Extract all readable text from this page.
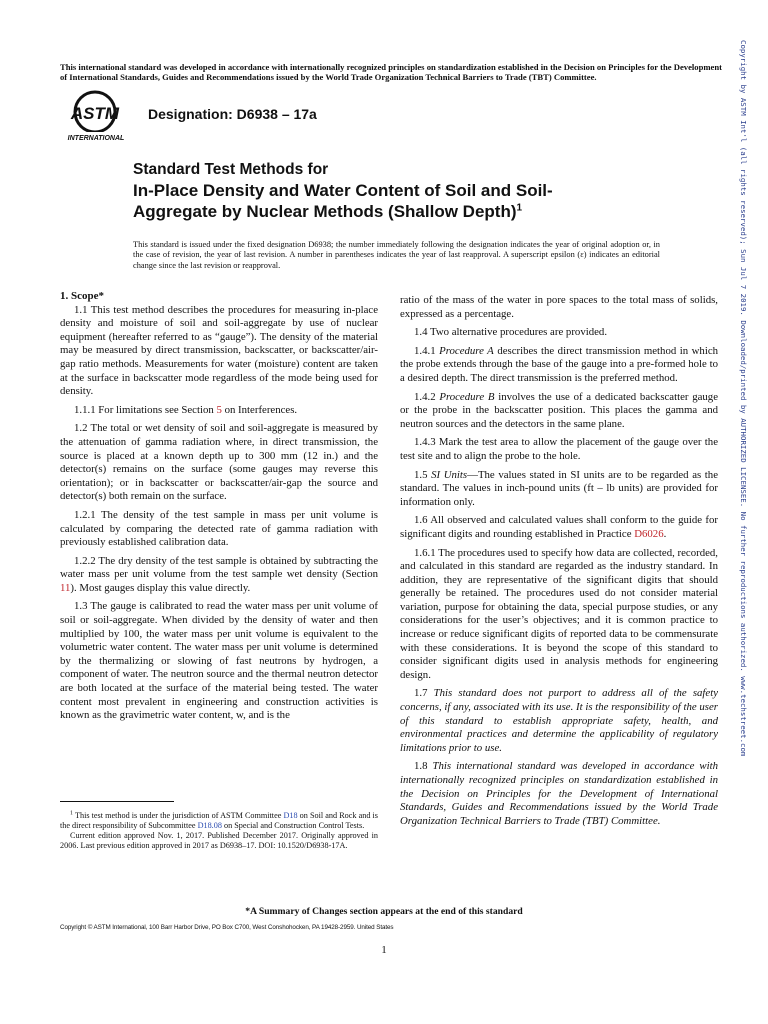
This international standard was developed in accordance with internationally recognized principles on standardization established in the Decision on Principles for the Development of International Standards, Guides and Recommendations issued by the World Trade Organization Technical Barriers to Trade (TBT) Committee.	Copyright by ASTM Int'l (all rights reserved); Sun Jul 7 2019. Downloaded/printed by AUTHORIZED LICENSEE. No further reproductions authorized. www.techstreet.com
ASTM
INTERNATIONAL
Designation: D6938 – 17a
Standard Test Methods for
In-Place Density and Water Content of Soil and Soil-
Aggregate by Nuclear Methods (Shallow Depth)$^1$
This standard is issued under the fixed designation D6938; the number immediately following the designation indicates the year of original adoption or, in the case of revision, the year of last revision. A number in parentheses indicates the year of last reapproval. A superscript epsilon (ε) indicates an editorial change since the last revision or reapproval.

1. Scope*

1.1 This test method describes the procedures for measuring in-place density and moisture of soil and soil-aggregate by use of nuclear equipment (hereafter referred to as “gauge”). The density of the material may be measured by direct transmission, backscatter, or backscatter/air-gap ratio methods. Measurements for water (moisture) content are taken at the surface in backscatter mode regardless of the mode being used for density.

1.1.1 For limitations see Section 5 on Interferences.

1.2 The total or wet density of soil and soil-aggregate is measured by the attenuation of gamma radiation where, in direct transmission, the source is placed at a known depth up to 300 mm (12 in.) and the detector(s) remains on the surface (some gauges may reverse this orientation); or in backscatter or backscatter/air-gap the source and detector(s) both remain on the surface.

1.2.1 The density of the test sample in mass per unit volume is calculated by comparing the detected rate of gamma radiation with previously established calibration data.

1.2.2 The dry density of the test sample is obtained by subtracting the water mass per unit volume from the test sample wet density (Section 11). Most gauges display this value directly.

1.3 The gauge is calibrated to read the water mass per unit volume of soil or soil-aggregate. When divided by the density of water and then multiplied by 100, the water mass per unit volume is equivalent to the volumetric water content. The water mass per unit volume is determined by the thermalizing or slowing of fast neutrons by hydrogen, a component of water. The neutron source and the thermal neutron detector are both located at the surface of the material being tested. The water content most prevalent in engineering and construction activities is known as the gravimetric water content, w, and is the

ratio of the mass of the water in pore spaces to the total mass of solids, expressed as a percentage.

1.4 Two alternative procedures are provided.

1.4.1 Procedure A describes the direct transmission method in which the probe extends through the base of the gauge into a pre-formed hole to a desired depth. The direct transmission is the preferred method.

1.4.2 Procedure B involves the use of a dedicated backscatter gauge or the probe in the backscatter position. This places the gamma and neutron sources and the detectors in the same plane.

1.4.3 Mark the test area to allow the placement of the gauge over the test site and to align the probe to the hole.

1.5 SI Units—The values stated in SI units are to be regarded as the standard. The values in inch-pound units (ft – lb units) are provided for information only.

1.6 All observed and calculated values shall conform to the guide for significant digits and rounding established in Practice D6026.

1.6.1 The procedures used to specify how data are collected, recorded, and calculated in this standard are regarded as the industry standard. In addition, they are representative of the significant digits that should generally be retained. The procedures used do not consider material variation, purpose for obtaining the data, special purpose studies, or any considerations for the user’s objectives; and it is common practice to increase or reduce significant digits of reported data to be commensurate with these considerations. It is beyond the scope of this standard to consider significant digits used in analysis methods for engineering design.

1.7 This standard does not purport to address all of the safety concerns, if any, associated with its use. It is the responsibility of the user of this standard to establish appropriate safety, health, and environmental practices and determine the applicability of regulatory limitations prior to use.

1.8 This international standard was developed in accordance with internationally recognized principles on standardization established in the Decision on Principles for the Development of International Standards, Guides and Recommendations issued by the World Trade Organization Technical Barriers to Trade (TBT) Committee.

$^1$ This test method is under the jurisdiction of ASTM Committee D18 on Soil and Rock and is the direct responsibility of Subcommittee D18.08 on Special and Construction Control Tests.

Current edition approved Nov. 1, 2017. Published December 2017. Originally approved in 2006. Last previous edition approved in 2017 as D6938–17. DOI: 10.1520/D6938-17A.

*A Summary of Changes section appears at the end of this standard
Copyright © ASTM International, 100 Barr Harbor Drive, PO Box C700, West Conshohocken, PA 19428-2959. United States
1
